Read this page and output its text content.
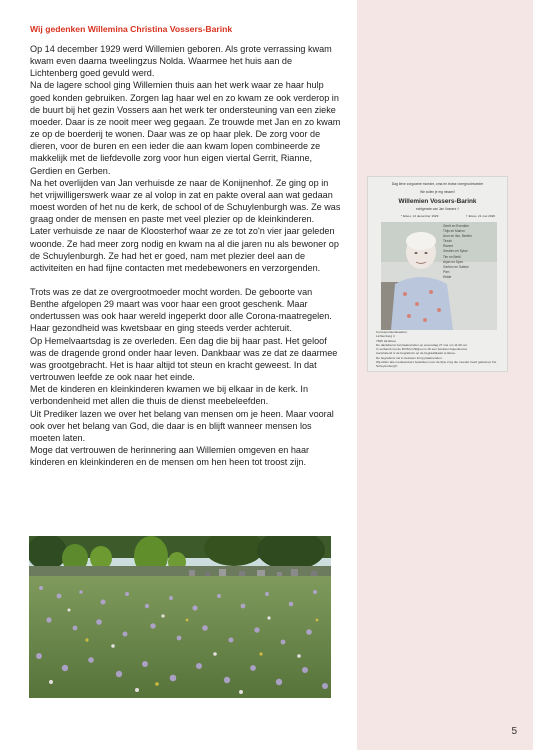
Wij gedenken Willemina Christina Vossers-Barink

Op 14 december 1929 werd Willemien geboren. Als grote verrassing kwam kwam even daarna tweelingzus Nolda. Waarmee het huis aan de Lichtenberg goed gevuld werd.

Na de lagere school ging Willemien thuis aan het werk waar ze haar hulp goed konden gebruiken. Zorgen lag haar wel en zo kwam ze ook verderop in de buurt bij het gezin Vossers aan het werk ter ondersteuning van een zieke moeder. Daar is ze nooit meer weg gegaan. Ze trouwde met Jan en zo kwam ze op de boerderij te wonen. Daar was ze op haar plek. De zorg voor de dieren, voor de buren en een ieder die aan kwam lopen combineerde ze makkelijk met de liefdevolle zorg voor hun eigen viertal Gerrit, Rianne, Gerdien en Gerben.

Na het overlijden van Jan verhuisde ze naar de Konijnenhof. Ze ging op in het vrijwilligerswerk waar ze al volop in zat en pakte overal aan wat gedaan moest worden of het nu de kerk, de school of de Schuylenburgh was. Ze was graag onder de mensen en paste met veel plezier op de kleinkinderen.

Later verhuisde ze naar de Kloosterhof waar ze ze tot zo'n vier jaar geleden woonde. Ze had meer zorg nodig en kwam na al die jaren nu als bewoner op de Schuylenburgh. Ze had het er goed, nam met plezier deel aan de activiteiten en had fijne contacten met medebewoners en verzorgenden.

Trots was ze dat ze overgrootmoeder mocht worden. De geboorte van Benthe afgelopen 29 maart was voor haar een groot geschenk. Maar ondertussen was ook haar wereld ingeperkt door alle Corona-maatregelen. Haar gezondheid was kwetsbaar en ging steeds verder achteruit.

Op Hemelvaartsdag is ze overleden. Een dag die bij haar past. Het geloof was de dragende grond onder haar leven. Dankbaar was ze dat ze daarmee was grootgebracht. Het is haar altijd tot steun en kracht geweest. In dat vertrouwen leefde ze ook naar het einde.

Met de kinderen en kleinkinderen kwamen we bij elkaar in de kerk. In verbondenheid met allen die thuis de dienst meebeleefden.

Uit Prediker lazen we over het belang van mensen om je heen. Maar vooral ook over het belang van God, die daar is en blijft wanneer mensen los moeten laten.

Moge dat vertrouwen de herinnering aan Willemien omgeven en haar kinderen en kleinkinderen en de mensen om hen heen tot troost zijn.

Dag lieve zorgzame moeder, oma en trotse overgrootmoeder
We zullen je erg missen!
Willemien Vossers-Barink
echtgenote van Jan Vossers †
* Elsoo, 14 december 1929	† Elsoo, 21 mei 2020
Gerrit en Everdien
Thijs en Marion
Aron en Ilse, Benthe
Tirzah
Rianne
Gerdien en Sytse
Tim en Bertil
Arjan en Sjors
Gerben en Sabine
Pien
Hidde
Correspondentieadres:
Lichtenberg 4
7665 LE Elsoo
De dankdienst zal plaatsvinden op woensdag 27 mei om 11.00 uur.
In verband met de RIVM-richtlijnen is dit een besloten bijeenkomst.
Aansluitend is de begrafenis op de begraafplaats te Elsoo.
De begrafenis zal in besloten kring plaatsvinden.
Wij willen alle medewerkers bedanken voor de fijne zorg die moeder heeft gehad op 'De Schuylenburgh'.
5
